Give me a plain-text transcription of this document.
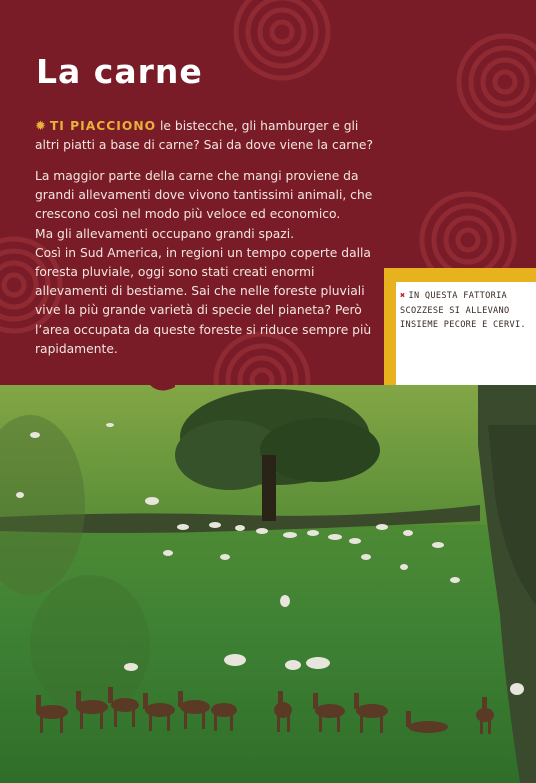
La carne

✹ TI PIACCIONO le bistecche, gli hamburger e gli altri piatti a base di carne? Sai da dove viene la carne?

La maggior parte della carne che mangi proviene da grandi allevamenti dove vivono tantissimi animali, che crescono così nel modo più veloce ed economico.
Ma gli allevamenti occupano grandi spazi.
Così in Sud America, in regioni un tempo coperte dalla foresta pluviale, oggi sono stati creati enormi allevamenti di bestiame. Sai che nelle foreste pluviali vive la più grande varietà di specie del pianeta? Però l’area occupata da queste foreste si riduce sempre più rapidamente.

✖ IN QUESTA FATTORIA SCOZZESE SI ALLEVANO INSIEME PECORE E CERVI.
